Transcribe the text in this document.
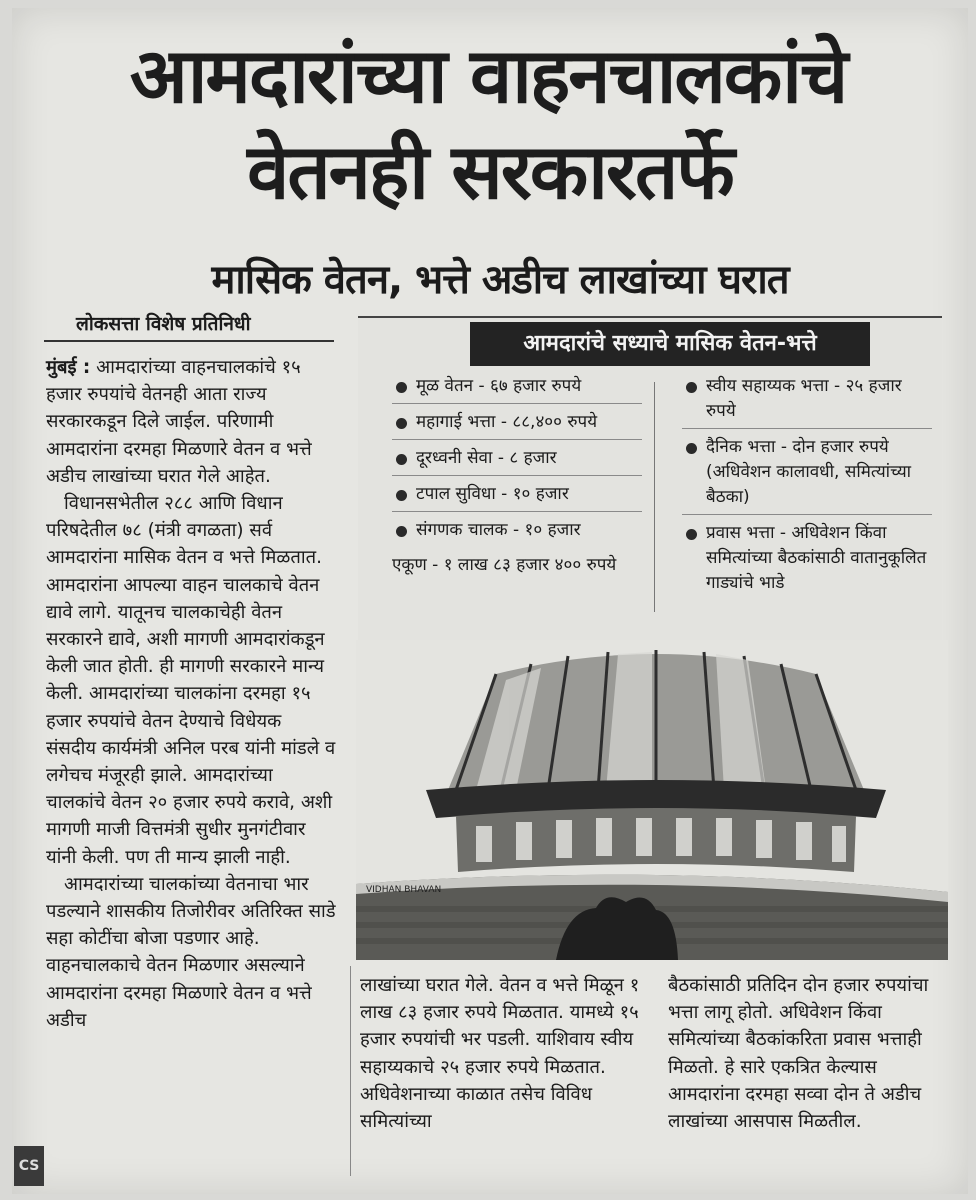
आमदारांच्या वाहनचालकांचे
वेतनही सरकारतर्फे
मासिक वेतन, भत्ते अडीच लाखांच्या घरात
लोकसत्ता विशेष प्रतिनिधी

मुंबई : आमदारांच्या वाहनचालकांचे १५ हजार रुपयांचे वेतनही आता राज्य सरकारकडून दिले जाईल. परिणामी आमदारांना दरमहा मिळणारे वेतन व भत्ते अडीच लाखांच्या घरात गेले आहेत.

विधानसभेतील २८८ आणि विधान परिषदेतील ७८ (मंत्री वगळता) सर्व आमदारांना मासिक वेतन व भत्ते मिळतात. आमदारांना आपल्या वाहन चालकाचे वेतन द्यावे लागे. यातूनच चालकाचेही वेतन सरकारने द्यावे, अशी मागणी आमदारांकडून केली जात होती. ही मागणी सरकारने मान्य केली. आमदारांच्या चालकांना दरमहा १५ हजार रुपयांचे वेतन देण्याचे विधेयक संसदीय कार्यमंत्री अनिल परब यांनी मांडले व लगेचच मंजूरही झाले. आमदारांच्या चालकांचे वेतन २० हजार रुपये करावे, अशी मागणी माजी वित्तमंत्री सुधीर मुनगंटीवार यांनी केली. पण ती मान्य झाली नाही.

आमदारांच्या चालकांच्या वेतनाचा भार पडल्याने शासकीय तिजोरीवर अतिरिक्त साडे सहा कोटींचा बोजा पडणार आहे. वाहनचालकाचे वेतन मिळणार असल्याने आमदारांना दरमहा मिळणारे वेतन व भत्ते अडीच

आमदारांचे सध्याचे मासिक वेतन-भत्ते
मूळ वेतन - ६७ हजार रुपये
महागाई भत्ता - ८८,४०० रुपये
दूरध्वनी सेवा - ८ हजार
टपाल सुविधा - १० हजार
संगणक चालक - १० हजार
एकूण - १ लाख ८३ हजार ४०० रुपये
स्वीय सहाय्यक भत्ता - २५ हजार रुपये
दैनिक भत्ता - दोन हजार रुपये (अधिवेशन कालावधी, समित्यांच्या बैठका)
प्रवास भत्ता - अधिवेशन किंवा समित्यांच्या बैठकांसाठी वातानुकूलित गाड्यांचे भाडे
VIDHAN BHAVAN

लाखांच्या घरात गेले. वेतन व भत्ते मिळून १ लाख ८३ हजार रुपये मिळतात. यामध्ये १५ हजार रुपयांची भर पडली. याशिवाय स्वीय सहाय्यकाचे २५ हजार रुपये मिळतात. अधिवेशनाच्या काळात तसेच विविध समित्यांच्या

बैठकांसाठी प्रतिदिन दोन हजार रुपयांचा भत्ता लागू होतो. अधिवेशन किंवा समित्यांच्या बैठकांकरिता प्रवास भत्ताही मिळतो. हे सारे एकत्रित केल्यास आमदारांना दरमहा सव्वा दोन ते अडीच लाखांच्या आसपास मिळतील.

CS
